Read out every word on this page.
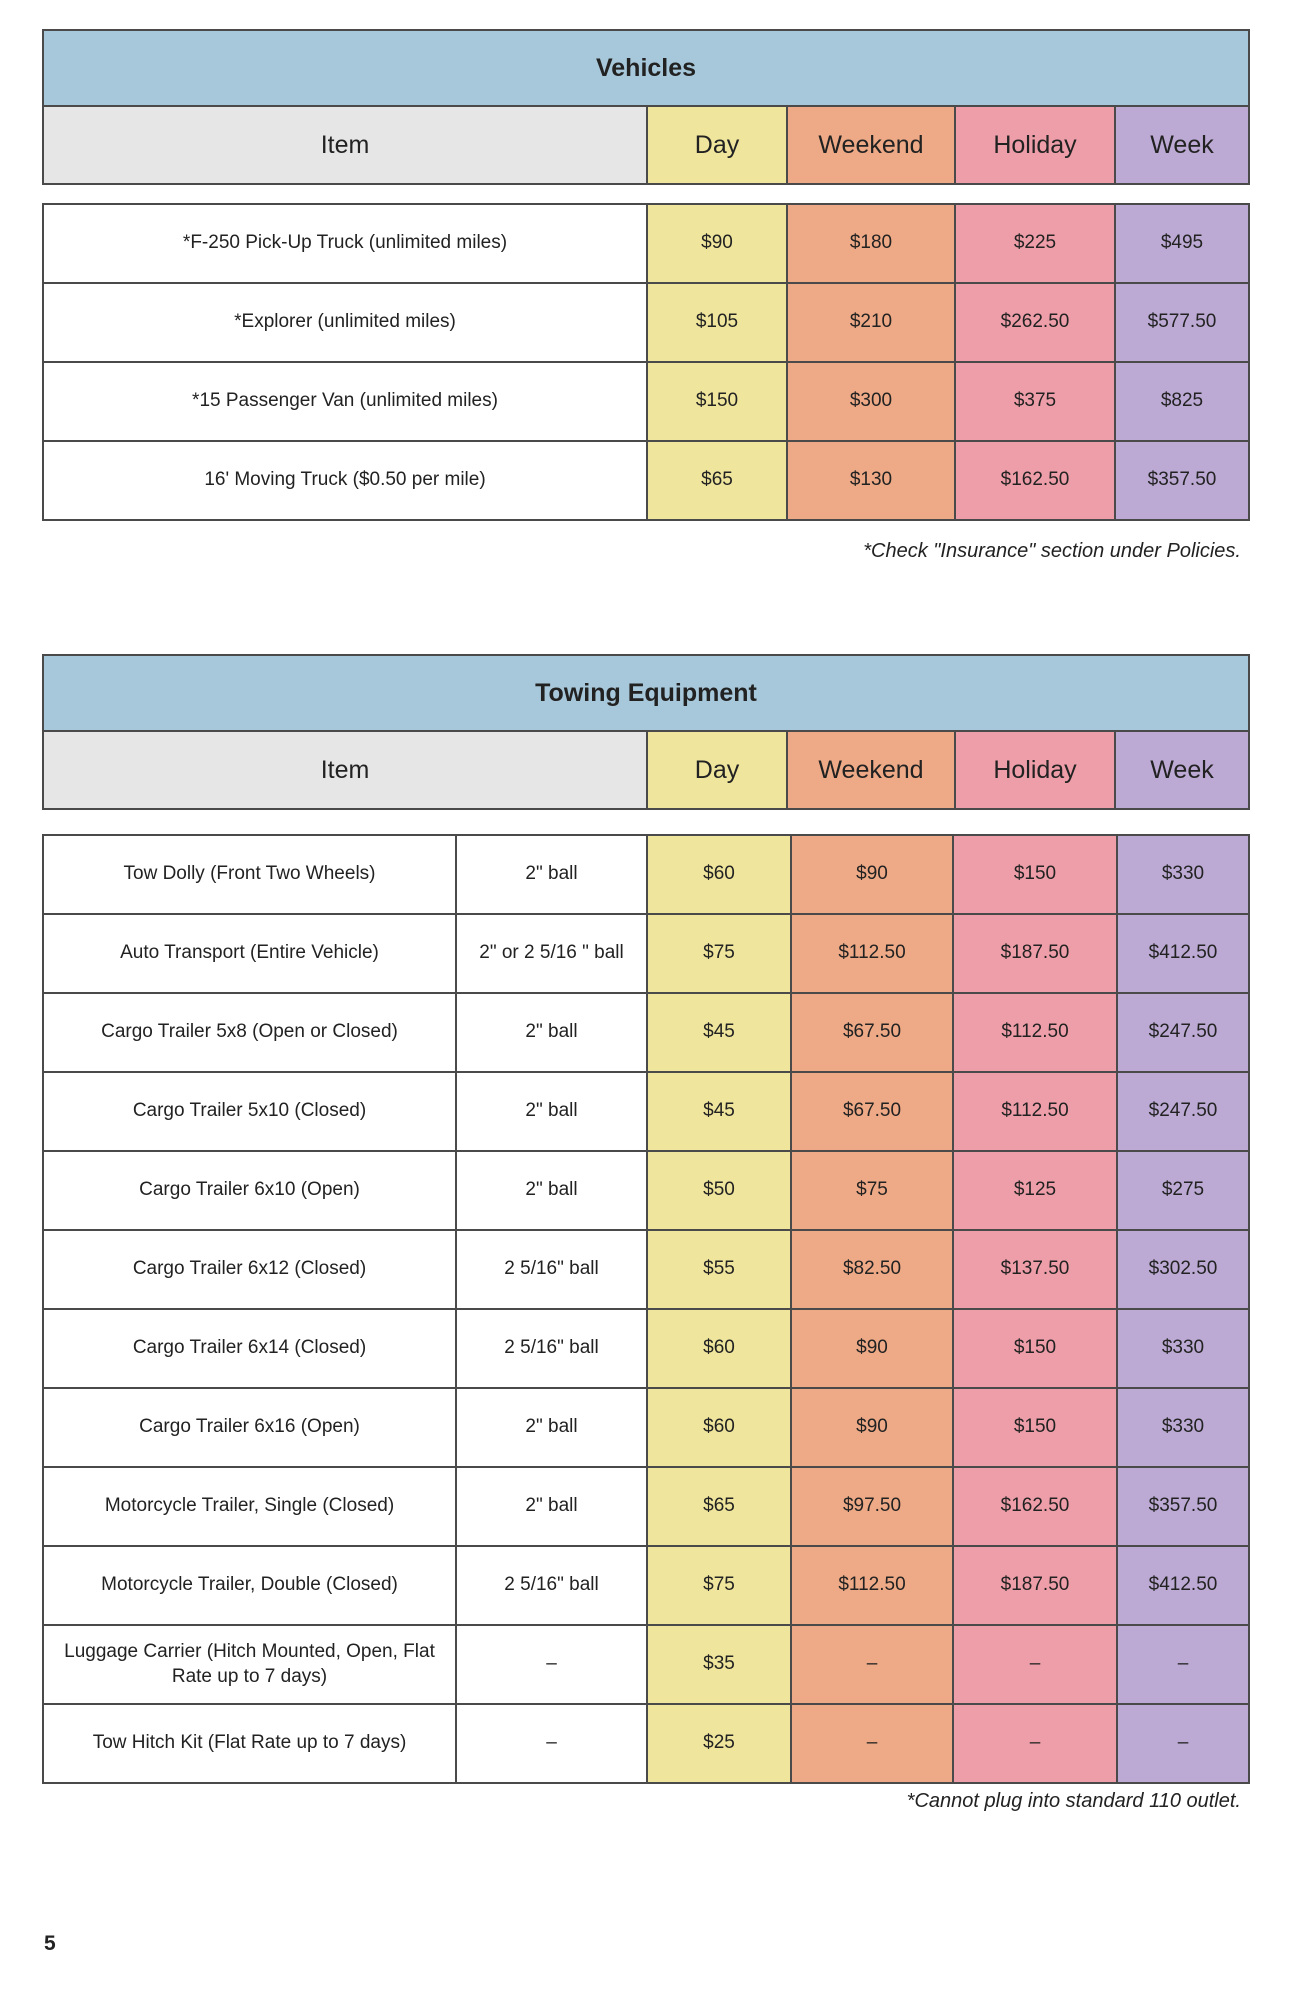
Vehicles
Item	Day	Weekend	Holiday	Week
*F-250 Pick-Up Truck (unlimited miles)	$90	$180	$225	$495
*Explorer (unlimited miles)	$105	$210	$262.50	$577.50
*15 Passenger Van (unlimited miles)	$150	$300	$375	$825
16' Moving Truck ($0.50 per mile)	$65	$130	$162.50	$357.50
*Check "Insurance" section under Policies.
Towing Equipment
Item	Day	Weekend	Holiday	Week
Tow Dolly (Front Two Wheels)	2" ball	$60	$90	$150	$330
Auto Transport (Entire Vehicle)	2" or 2 5/16 " ball	$75	$112.50	$187.50	$412.50
Cargo Trailer 5x8 (Open or Closed)	2" ball	$45	$67.50	$112.50	$247.50
Cargo Trailer 5x10 (Closed)	2" ball	$45	$67.50	$112.50	$247.50
Cargo Trailer 6x10 (Open)	2" ball	$50	$75	$125	$275
Cargo Trailer 6x12 (Closed)	2 5/16" ball	$55	$82.50	$137.50	$302.50
Cargo Trailer 6x14 (Closed)	2 5/16" ball	$60	$90	$150	$330
Cargo Trailer 6x16 (Open)	2" ball	$60	$90	$150	$330
Motorcycle Trailer, Single (Closed)	2" ball	$65	$97.50	$162.50	$357.50
Motorcycle Trailer, Double (Closed)	2 5/16" ball	$75	$112.50	$187.50	$412.50
Luggage Carrier (Hitch Mounted, Open, Flat Rate up to 7 days)	–	$35	–	–	–
Tow Hitch Kit (Flat Rate up to 7 days)	–	$25	–	–	–
*Cannot plug into standard 110 outlet.
5
